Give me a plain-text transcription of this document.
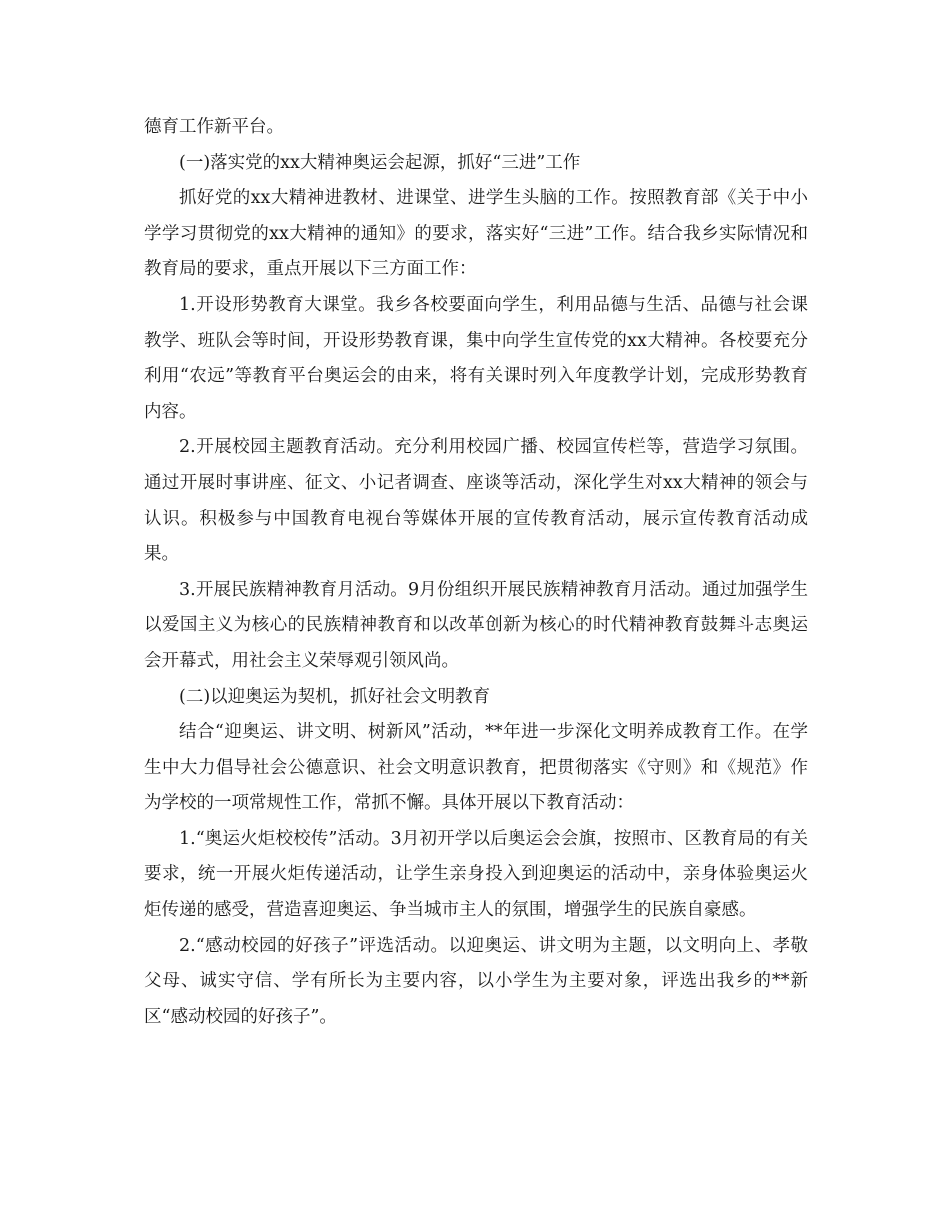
德育工作新平台。

(一)落实党的xx大精神奥运会起源，抓好“三进”工作

抓好党的xx大精神进教材、进课堂、进学生头脑的工作。按照教育部《关于中小学学习贯彻党的xx大精神的通知》的要求，落实好“三进”工作。结合我乡实际情况和教育局的要求，重点开展以下三方面工作：

1.开设形势教育大课堂。我乡各校要面向学生，利用品德与生活、品德与社会课教学、班队会等时间，开设形势教育课，集中向学生宣传党的xx大精神。各校要充分利用“农远”等教育平台奥运会的由来，将有关课时列入年度教学计划，完成形势教育内容。

2.开展校园主题教育活动。充分利用校园广播、校园宣传栏等，营造学习氛围。通过开展时事讲座、征文、小记者调查、座谈等活动，深化学生对xx大精神的领会与认识。积极参与中国教育电视台等媒体开展的宣传教育活动，展示宣传教育活动成果。

3.开展民族精神教育月活动。9月份组织开展民族精神教育月活动。通过加强学生以爱国主义为核心的民族精神教育和以改革创新为核心的时代精神教育鼓舞斗志奥运会开幕式，用社会主义荣辱观引领风尚。

(二)以迎奥运为契机，抓好社会文明教育

结合“迎奥运、讲文明、树新风”活动，**年进一步深化文明养成教育工作。在学生中大力倡导社会公德意识、社会文明意识教育，把贯彻落实《守则》和《规范》作为学校的一项常规性工作，常抓不懈。具体开展以下教育活动：

1.“奥运火炬校校传”活动。3月初开学以后奥运会会旗，按照市、区教育局的有关要求，统一开展火炬传递活动，让学生亲身投入到迎奥运的活动中，亲身体验奥运火炬传递的感受，营造喜迎奥运、争当城市主人的氛围，增强学生的民族自豪感。

2.“感动校园的好孩子”评选活动。以迎奥运、讲文明为主题，以文明向上、孝敬父母、诚实守信、学有所长为主要内容，以小学生为主要对象，评选出我乡的**新区“感动校园的好孩子”。
